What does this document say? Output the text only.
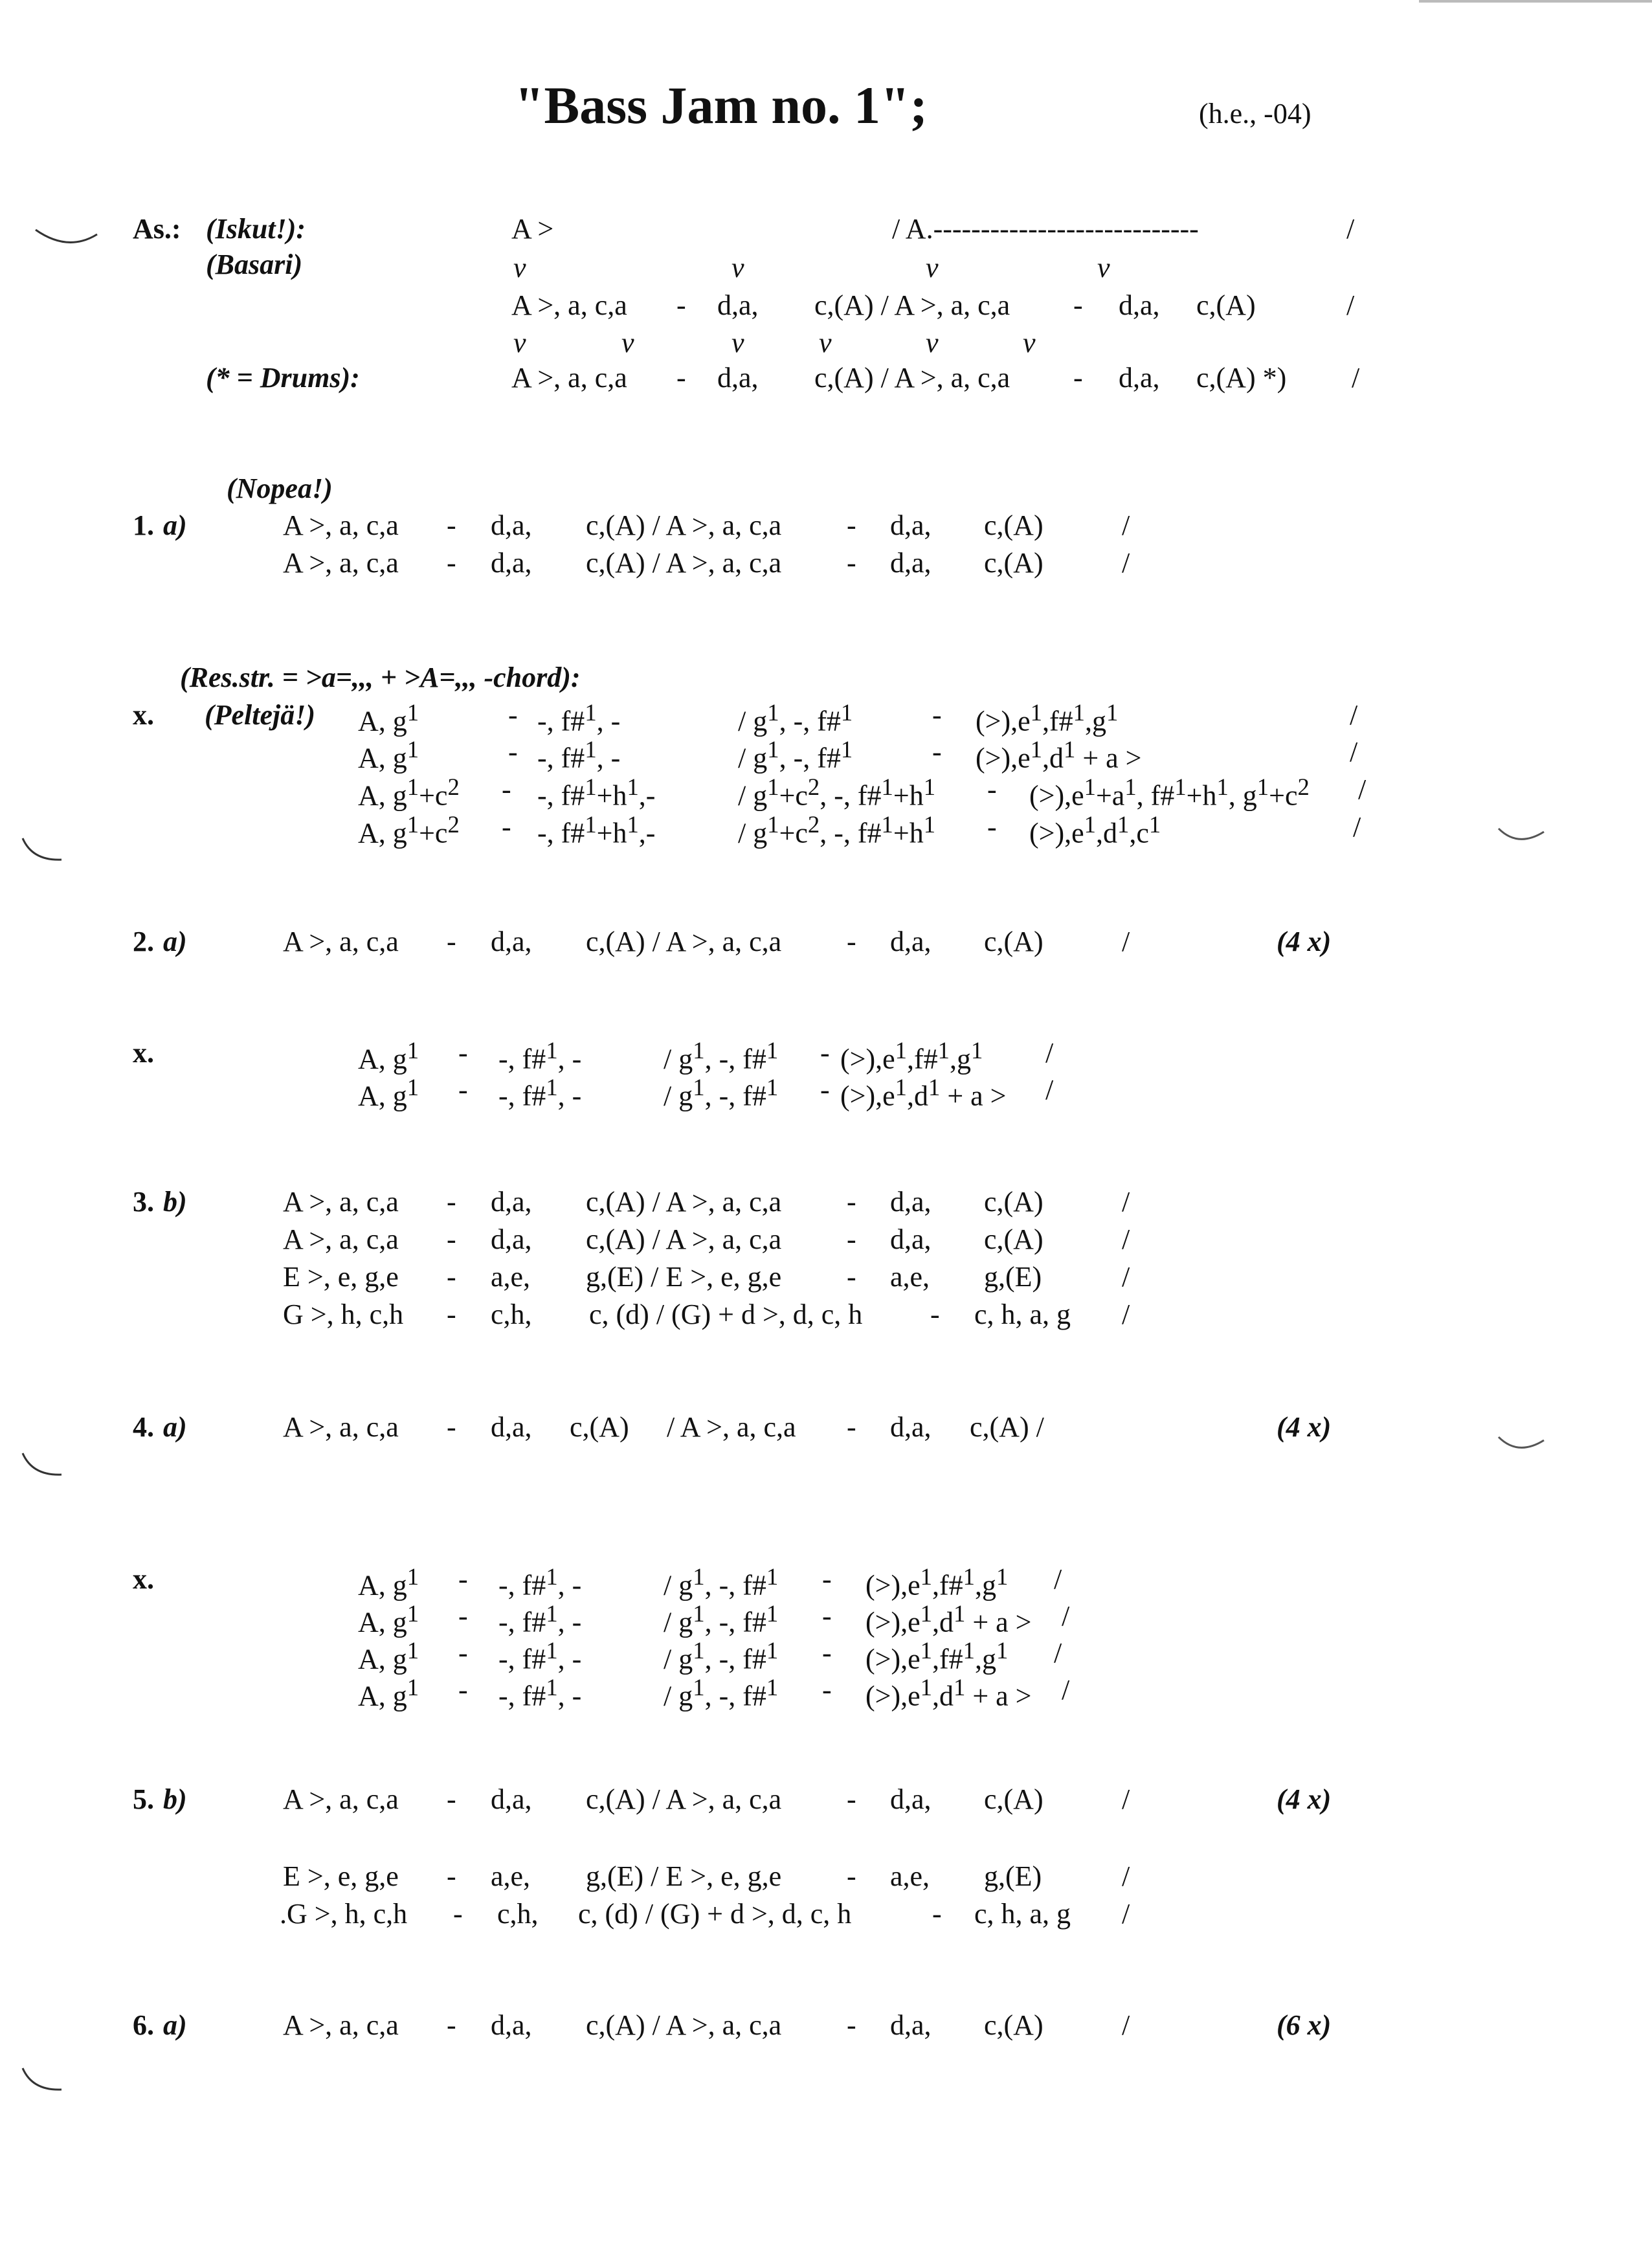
"Bass Jam no. 1";	(h.e., -04)
As.: (Iskut!):	A >	/ A.----------------------------	/
(Basari)	v	v	v	v
A >, a, c,a - d,a, c,(A) / A >, a, c,a - d,a, c,(A)	/
v	v	v	v	v	v
(* = Drums):	A >, a, c,a - d,a, c,(A) / A >, a, c,a - d,a, c,(A) *) /
(Nopea!)
1. a)	A >, a, c,a - d,a, c,(A) / A >, a, c,a - d,a, c,(A)	/
A >, a, c,a - d,a, c,(A) / A >, a, c,a - d,a, c,(A)	/
(Res.str. = >a=,,, + >A=,,, -chord):
x. (Peltejä!) A, $g^1$	- -, f#$^1$, -	/ $g^1$, -, f#$^1$	- $(>),e^1,f\#^1,g^1$	/
A, $g^1$	- -, f#$^1$, -	/ $g^1$, -, f#$^1$	- $(>),e^1,d^1 + a$ >	/
A, $g^1+c^2$ - -, $f\#^1+h^1,-$	/ $g^1+c^2$, -, $f\#^1+h^1 - (>),e^1+a^1$, $f\#^1+h^1$, $g^1+c^2$ /
A, $g^1+c^2$ - -, $f\#^1+h^1,-$	/ $g^1+c^2$, -, $f\#^1+h^1 - (>),e^1,d^1,c^1$	/
2. a)	A >, a, c,a - d,a, c,(A) / A >, a, c,a - d,a, c,(A)	/	(4 x)
x.	A, $g^1$ - -, f#$^1$, -	/ $g^1$, -, f#$^1$ - $(>),e^1,f\#^1,g^1$ /
A, $g^1$ - -, f#$^1$, -	/ $g^1$, -, f#$^1$ - $(>),e^1,d^1 + a$ > /
3. b)	A >, a, c,a - d,a, c,(A) / A >, a, c,a - d,a, c,(A)	/
A >, a, c,a - d,a, c,(A) / A >, a, c,a - d,a, c,(A)	/
E >, e, g,e - a,e, g,(E) / E >, e, g,e - a,e, g,(E)	/
G >, h, c,h - c,h, c, (d) / (G) + d >, d, c, h - c, h, a, g /
4. a)	A >, a, c,a - d,a, c,(A) / A >, a, c,a - d,a, c,(A) /	(4 x)
x.	A, $g^1$ - -, f#$^1$, -	/ $g^1$, -, f#$^1$ - $(>),e^1,f\#^1,g^1$ /
A, $g^1$ - -, f#$^1$, -	/ $g^1$, -, f#$^1$ - $(>),e^1,d^1 + a$ > /
A, $g^1$ - -, f#$^1$, -	/ $g^1$, -, f#$^1$ - $(>),e^1,f\#^1,g^1$ /
A, $g^1$ - -, f#$^1$, -	/ $g^1$, -, f#$^1$ - $(>),e^1,d^1 + a$ > /
5. b)	A >, a, c,a - d,a, c,(A) / A >, a, c,a - d,a, c,(A)	/	(4 x)
E >, e, g,e - a,e, g,(E) / E >, e, g,e - a,e, g,(E)	/
.G >, h, c,h - c,h, c, (d) / (G) + d >, d, c, h	- c, h, a, g /
6. a)	A >, a, c,a - d,a, c,(A) / A >, a, c,a - d,a, c,(A)	/	(6 x)
